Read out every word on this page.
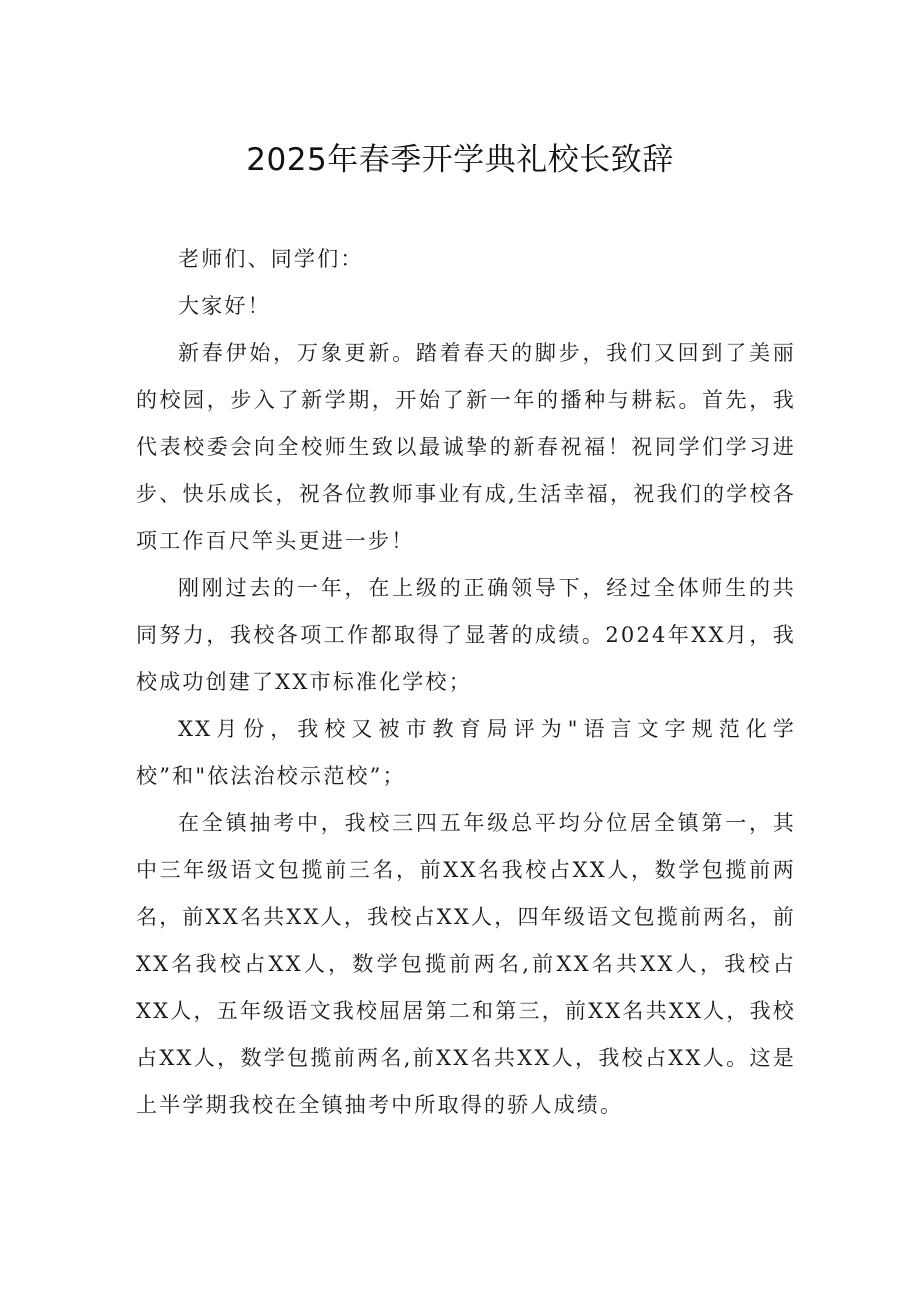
2025年春季开学典礼校长致辞

老师们、同学们：

大家好！

新春伊始，万象更新。踏着春天的脚步，我们又回到了美丽的校园，步入了新学期，开始了新一年的播种与耕耘。首先，我代表校委会向全校师生致以最诚挚的新春祝福！祝同学们学习进步、快乐成长，祝各位教师事业有成,生活幸福，祝我们的学校各项工作百尺竿头更进一步！

刚刚过去的一年，在上级的正确领导下，经过全体师生的共同努力，我校各项工作都取得了显著的成绩。2024年XX月，我校成功创建了XX市标准化学校；

XX月份，我校又被市教育局评为"语言文字规范化学校”和"依法治校示范校”；

在全镇抽考中，我校三四五年级总平均分位居全镇第一，其中三年级语文包揽前三名，前XX名我校占XX人，数学包揽前两名，前XX名共XX人，我校占XX人，四年级语文包揽前两名，前XX名我校占XX人，数学包揽前两名,前XX名共XX人，我校占XX人，五年级语文我校屈居第二和第三，前XX名共XX人，我校占XX人，数学包揽前两名,前XX名共XX人，我校占XX人。这是上半学期我校在全镇抽考中所取得的骄人成绩。
